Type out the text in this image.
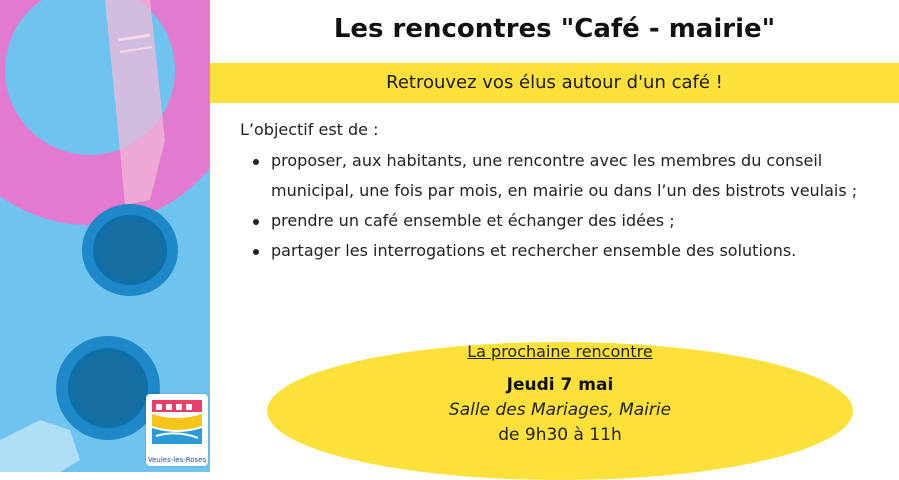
Veules-les-Roses
Les rencontres "Café - mairie"
Retrouvez vos élus autour d'un café !
L’objectif est de :
proposer, aux habitants, une rencontre avec les membres du conseil municipal, une fois par mois, en mairie ou dans l’un des bistrots veulais ;
prendre un café ensemble et échanger des idées ;
partager les interrogations et rechercher ensemble des solutions.
La prochaine rencontre
Jeudi 7 mai
Salle des Mariages, Mairie
de 9h30 à 11h
